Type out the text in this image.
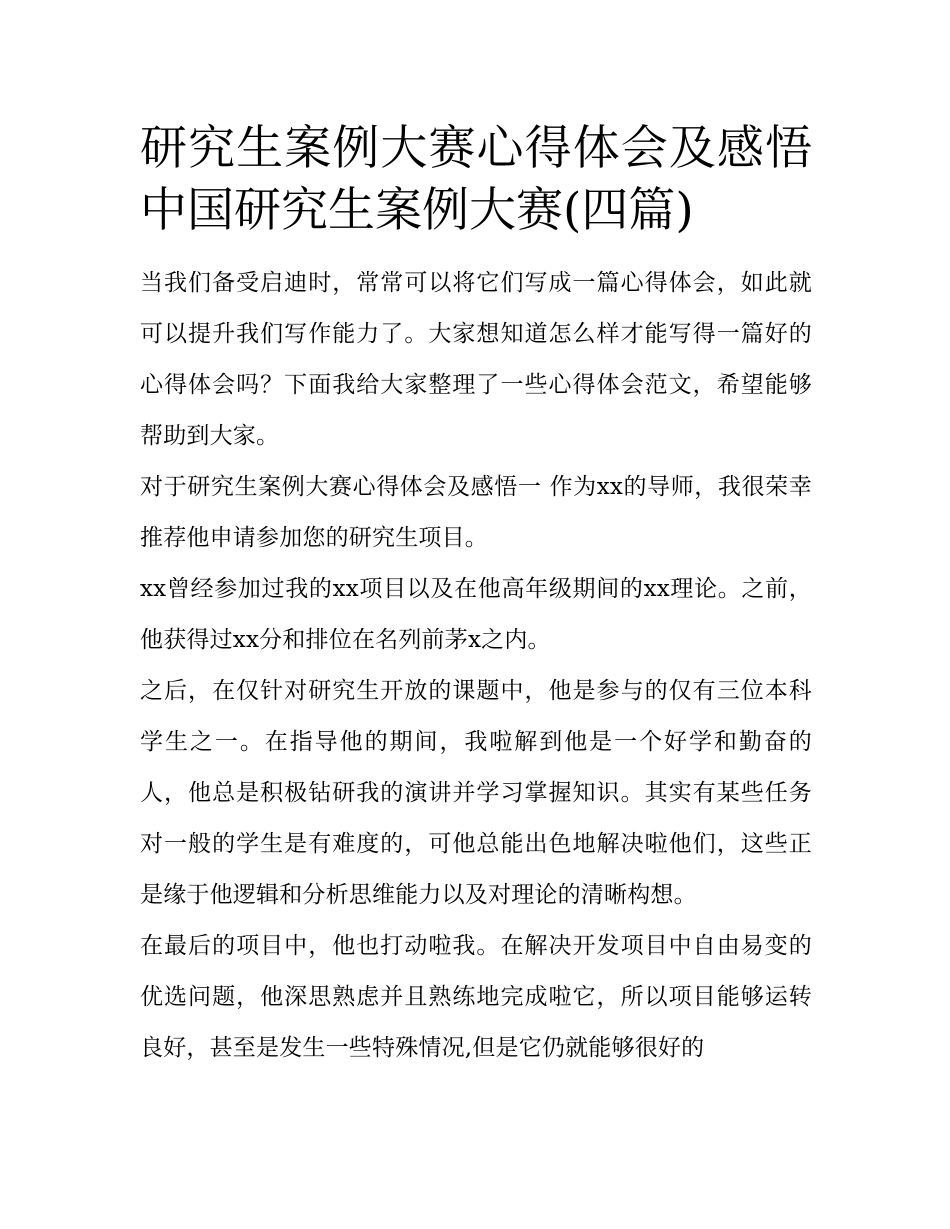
研究生案例大赛心得体会及感悟 中国研究生案例大赛(四篇)

当我们备受启迪时，常常可以将它们写成一篇心得体会，如此就可以提升我们写作能力了。大家想知道怎么样才能写得一篇好的心得体会吗？下面我给大家整理了一些心得体会范文，希望能够帮助到大家。

对于研究生案例大赛心得体会及感悟一 作为xx的导师，我很荣幸推荐他申请参加您的研究生项目。

xx曾经参加过我的xx项目以及在他高年级期间的xx理论。之前，他获得过xx分和排位在名列前茅x之内。

之后，在仅针对研究生开放的课题中，他是参与的仅有三位本科学生之一。在指导他的期间，我啦解到他是一个好学和勤奋的人，他总是积极钻研我的演讲并学习掌握知识。其实有某些任务对一般的学生是有难度的，可他总能出色地解决啦他们，这些正是缘于他逻辑和分析思维能力以及对理论的清晰构想。

在最后的项目中，他也打动啦我。在解决开发项目中自由易变的优选问题，他深思熟虑并且熟练地完成啦它，所以项目能够运转良好，甚至是发生一些特殊情况,但是它仍就能够很好的
